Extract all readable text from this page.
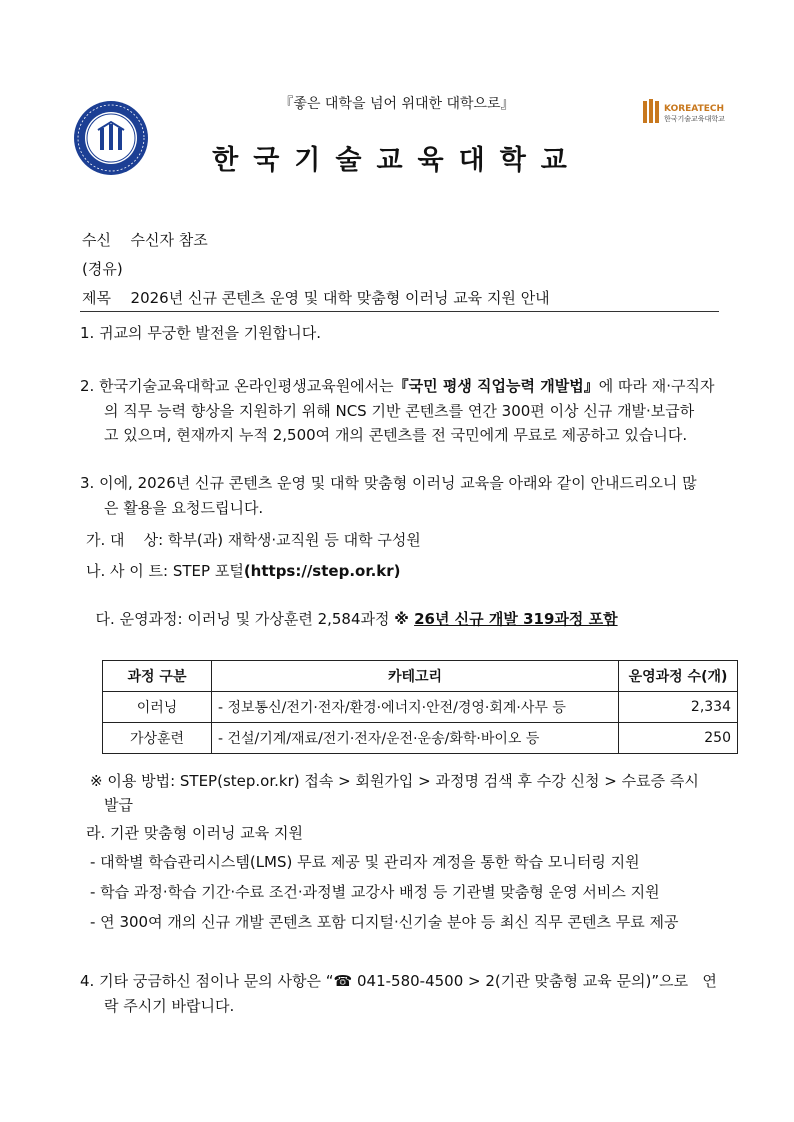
『좋은 대학을 넘어 위대한 대학으로』	KOREATECH
한국기술교육대학교
한국기술교육대학교
수신 수신자 참조
(경유)
제목 2026년 신규 콘텐츠 운영 및 대학 맞춤형 이러닝 교육 지원 안내
1. 귀교의 무궁한 발전을 기원합니다.
2. 한국기술교육대학교 온라인평생교육원에서는『국민 평생 직업능력 개발법』에 따라 재·구직자
의 직무 능력 향상을 지원하기 위해 NCS 기반 콘텐츠를 연간 300편 이상 신규 개발·보급하
고 있으며, 현재까지 누적 2,500여 개의 콘텐츠를 전 국민에게 무료로 제공하고 있습니다.
3. 이에, 2026년 신규 콘텐츠 운영 및 대학 맞춤형 이러닝 교육을 아래와 같이 안내드리오니 많
은 활용을 요청드립니다.
가. 대    상: 학부(과) 재학생·교직원 등 대학 구성원
나. 사 이 트: STEP 포털(https://step.or.kr)

다. 운영과정: 이러닝 및 가상훈련 2,584과정 ※ 26년 신규 개발 319과정 포함

과정 구분	카테고리	운영과정 수(개)
이러닝	- 정보통신/전기·전자/환경·에너지·안전/경영·회계·사무 등	2,334
가상훈련	- 건설/기계/재료/전기·전자/운전·운송/화학·바이오 등	250
※ 이용 방법: STEP(step.or.kr) 접속 > 회원가입 > 과정명 검색 후 수강 신청 > 수료증 즉시
발급
라. 기관 맞춤형 이러닝 교육 지원
- 대학별 학습관리시스템(LMS) 무료 제공 및 관리자 계정을 통한 학습 모니터링 지원
- 학습 과정·학습 기간·수료 조건·과정별 교강사 배정 등 기관별 맞춤형 운영 서비스 지원
- 연 300여 개의 신규 개발 콘텐츠 포함 디지털·신기술 분야 등 최신 직무 콘텐츠 무료 제공
4. 기타 궁금하신 점이나 문의 사항은 “☎ 041-580-4500 > 2(기관 맞춤형 교육 문의)”으로   연
락 주시기 바랍니다.
